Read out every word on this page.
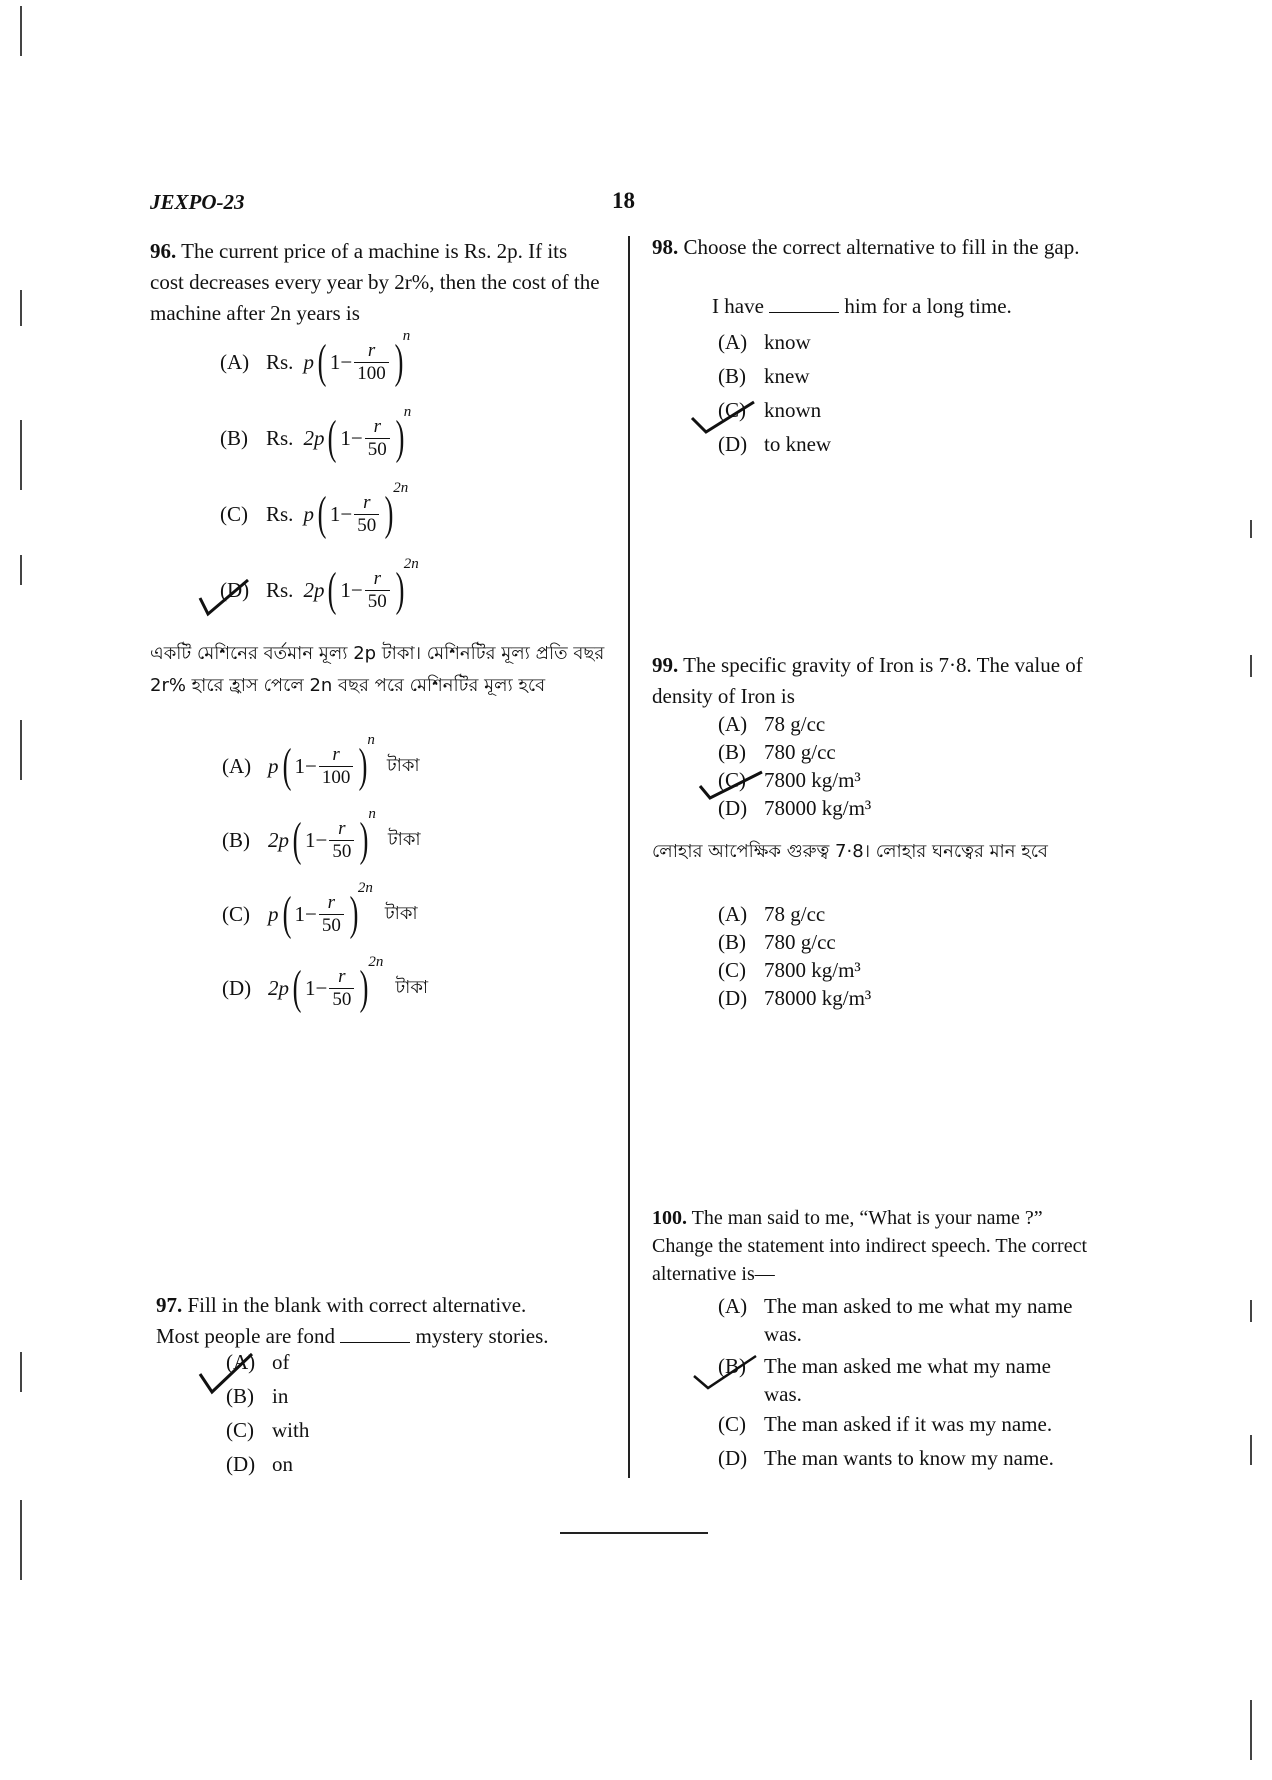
JEXPO-23	18
96. The current price of a machine is Rs. 2p. If its cost decreases every year by 2r%, then the cost of the machine after 2n years is
(A) Rs. p ( $1- \frac{r}{100}$ ) n
(B) Rs. 2p ( $1- \frac{r}{50}$ ) n
(C) Rs. p ( $1- \frac{r}{50}$ ) 2n
(D) Rs. 2p ( $1- \frac{r}{50}$ ) 2n
একটি মেশিনের বর্তমান মূল্য 2p টাকা। মেশিনটির মূল্য প্রতি বছর 2r% হারে হ্রাস পেলে 2n বছর পরে মেশিনটির মূল্য হবে
(A) p ( $1- \frac{r}{100}$ ) n
টাকা
(B) 2p ( $1- \frac{r}{50}$ ) n
টাকা
(C) p ( $1- \frac{r}{50}$ ) 2n
টাকা
(D) 2p ( $1- \frac{r}{50}$ ) 2n
টাকা
97. Fill in the blank with correct alternative.
Most people are fond	mystery stories.
(A) of
(B) in
(C) with
(D) on
98. Choose the correct alternative to fill in the gap.
I have	him for a long time.
(A) know
(B) knew
(C) known
(D) to knew
99. The specific gravity of Iron is 7·8. The value of density of Iron is
(A) 78 g/cc
(B) 780 g/cc
(C) 7800 kg/m³
(D) 78000 kg/m³
লোহার আপেক্ষিক গুরুত্ব 7·8। লোহার ঘনত্বের মান হবে
(A) 78 g/cc
(B) 780 g/cc
(C) 7800 kg/m³
(D) 78000 kg/m³
100. The man said to me, “What is your name ?” Change the statement into indirect speech. The correct alternative is—
(A) The man asked to me what my name
was.
(B) The man asked me what my name
was.
(C) The man asked if it was my name.
(D) The man wants to know my name.
